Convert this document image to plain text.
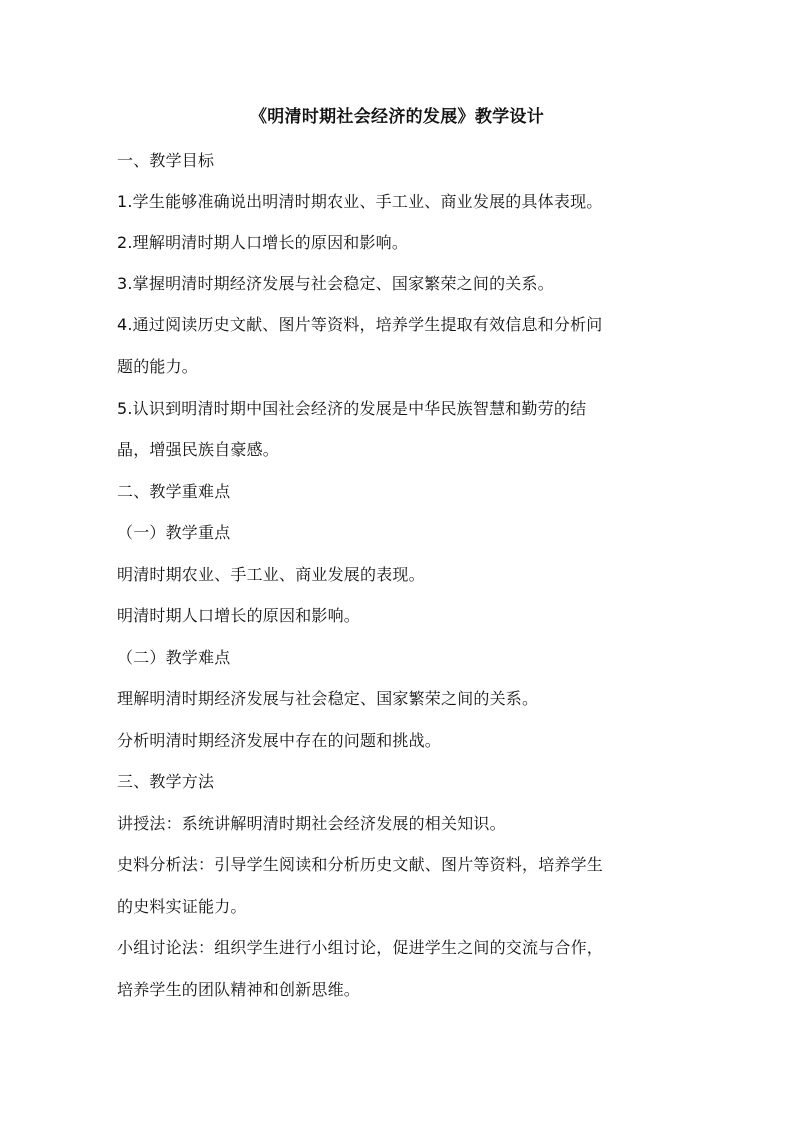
《明清时期社会经济的发展》教学设计
一、教学目标
1.学生能够准确说出明清时期农业、手工业、商业发展的具体表现。
2.理解明清时期人口增长的原因和影响。
3.掌握明清时期经济发展与社会稳定、国家繁荣之间的关系。
4.通过阅读历史文献、图片等资料，培养学生提取有效信息和分析问
题的能力。
5.认识到明清时期中国社会经济的发展是中华民族智慧和勤劳的结
晶，增强民族自豪感。
二、教学重难点
（一）教学重点
明清时期农业、手工业、商业发展的表现。
明清时期人口增长的原因和影响。
（二）教学难点
理解明清时期经济发展与社会稳定、国家繁荣之间的关系。
分析明清时期经济发展中存在的问题和挑战。
三、教学方法
讲授法：系统讲解明清时期社会经济发展的相关知识。
史料分析法：引导学生阅读和分析历史文献、图片等资料，培养学生
的史料实证能力。
小组讨论法：组织学生进行小组讨论，促进学生之间的交流与合作，
培养学生的团队精神和创新思维。
